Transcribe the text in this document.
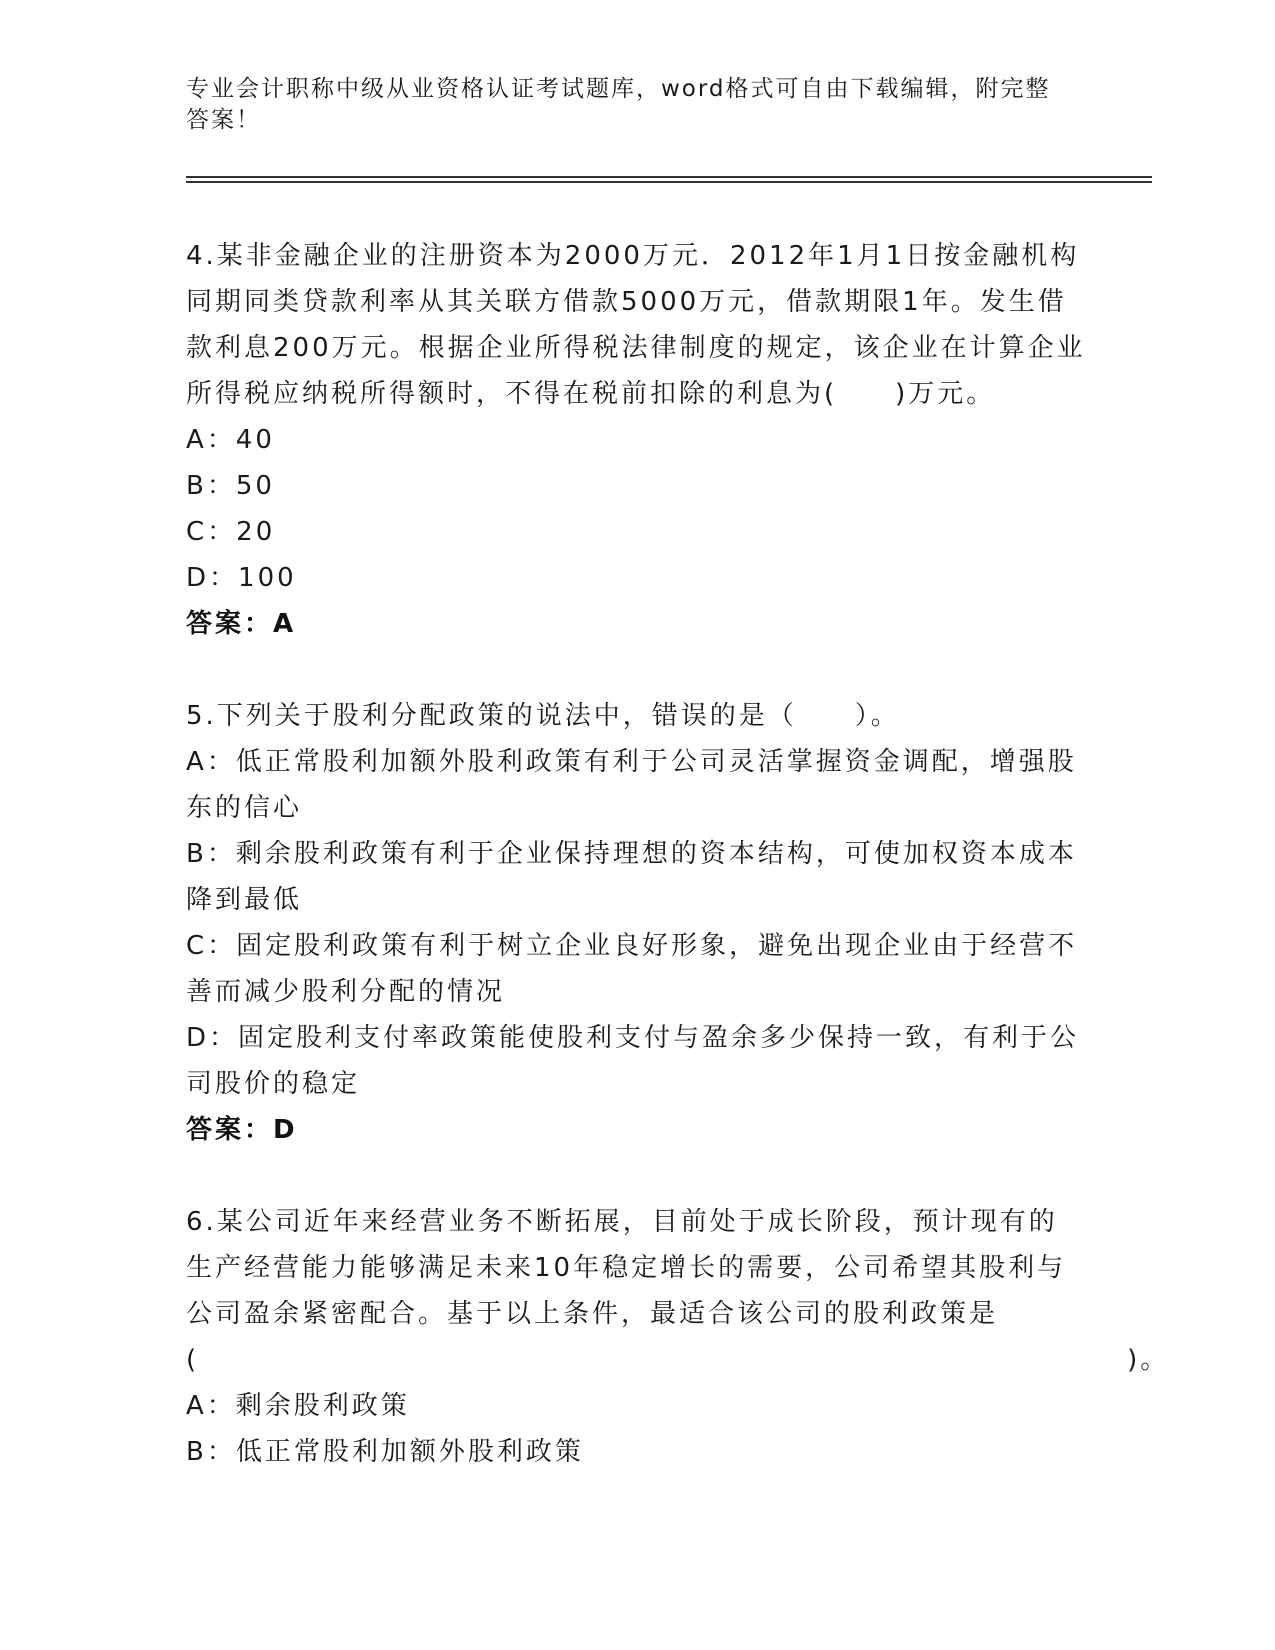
专业会计职称中级从业资格认证考试题库，word格式可自由下载编辑，附完整答案！

4.某非金融企业的注册资本为2000万元．2012年1月1日按金融机构同期同类贷款利率从其关联方借款5000万元，借款期限1年。发生借款利息200万元。根据企业所得税法律制度的规定，该企业在计算企业所得税应纳税所得额时，不得在税前扣除的利息为(　　)万元。

A：40

B：50

C：20

D：100

答案：A

5.下列关于股利分配政策的说法中，错误的是（　　）。

A：低正常股利加额外股利政策有利于公司灵活掌握资金调配，增强股东的信心

B：剩余股利政策有利于企业保持理想的资本结构，可使加权资本成本降到最低

C：固定股利政策有利于树立企业良好形象，避免出现企业由于经营不善而减少股利分配的情况

D：固定股利支付率政策能使股利支付与盈余多少保持一致，有利于公司股价的稳定

答案：D

6.某公司近年来经营业务不断拓展，目前处于成长阶段，预计现有的生产经营能力能够满足未来10年稳定增长的需要，公司希望其股利与公司盈余紧密配合。基于以上条件，最适合该公司的股利政策是(　　　　　　　　　　　　　　　　　　　　　　　　　　　　　　　　)。

A：剩余股利政策

B：低正常股利加额外股利政策
